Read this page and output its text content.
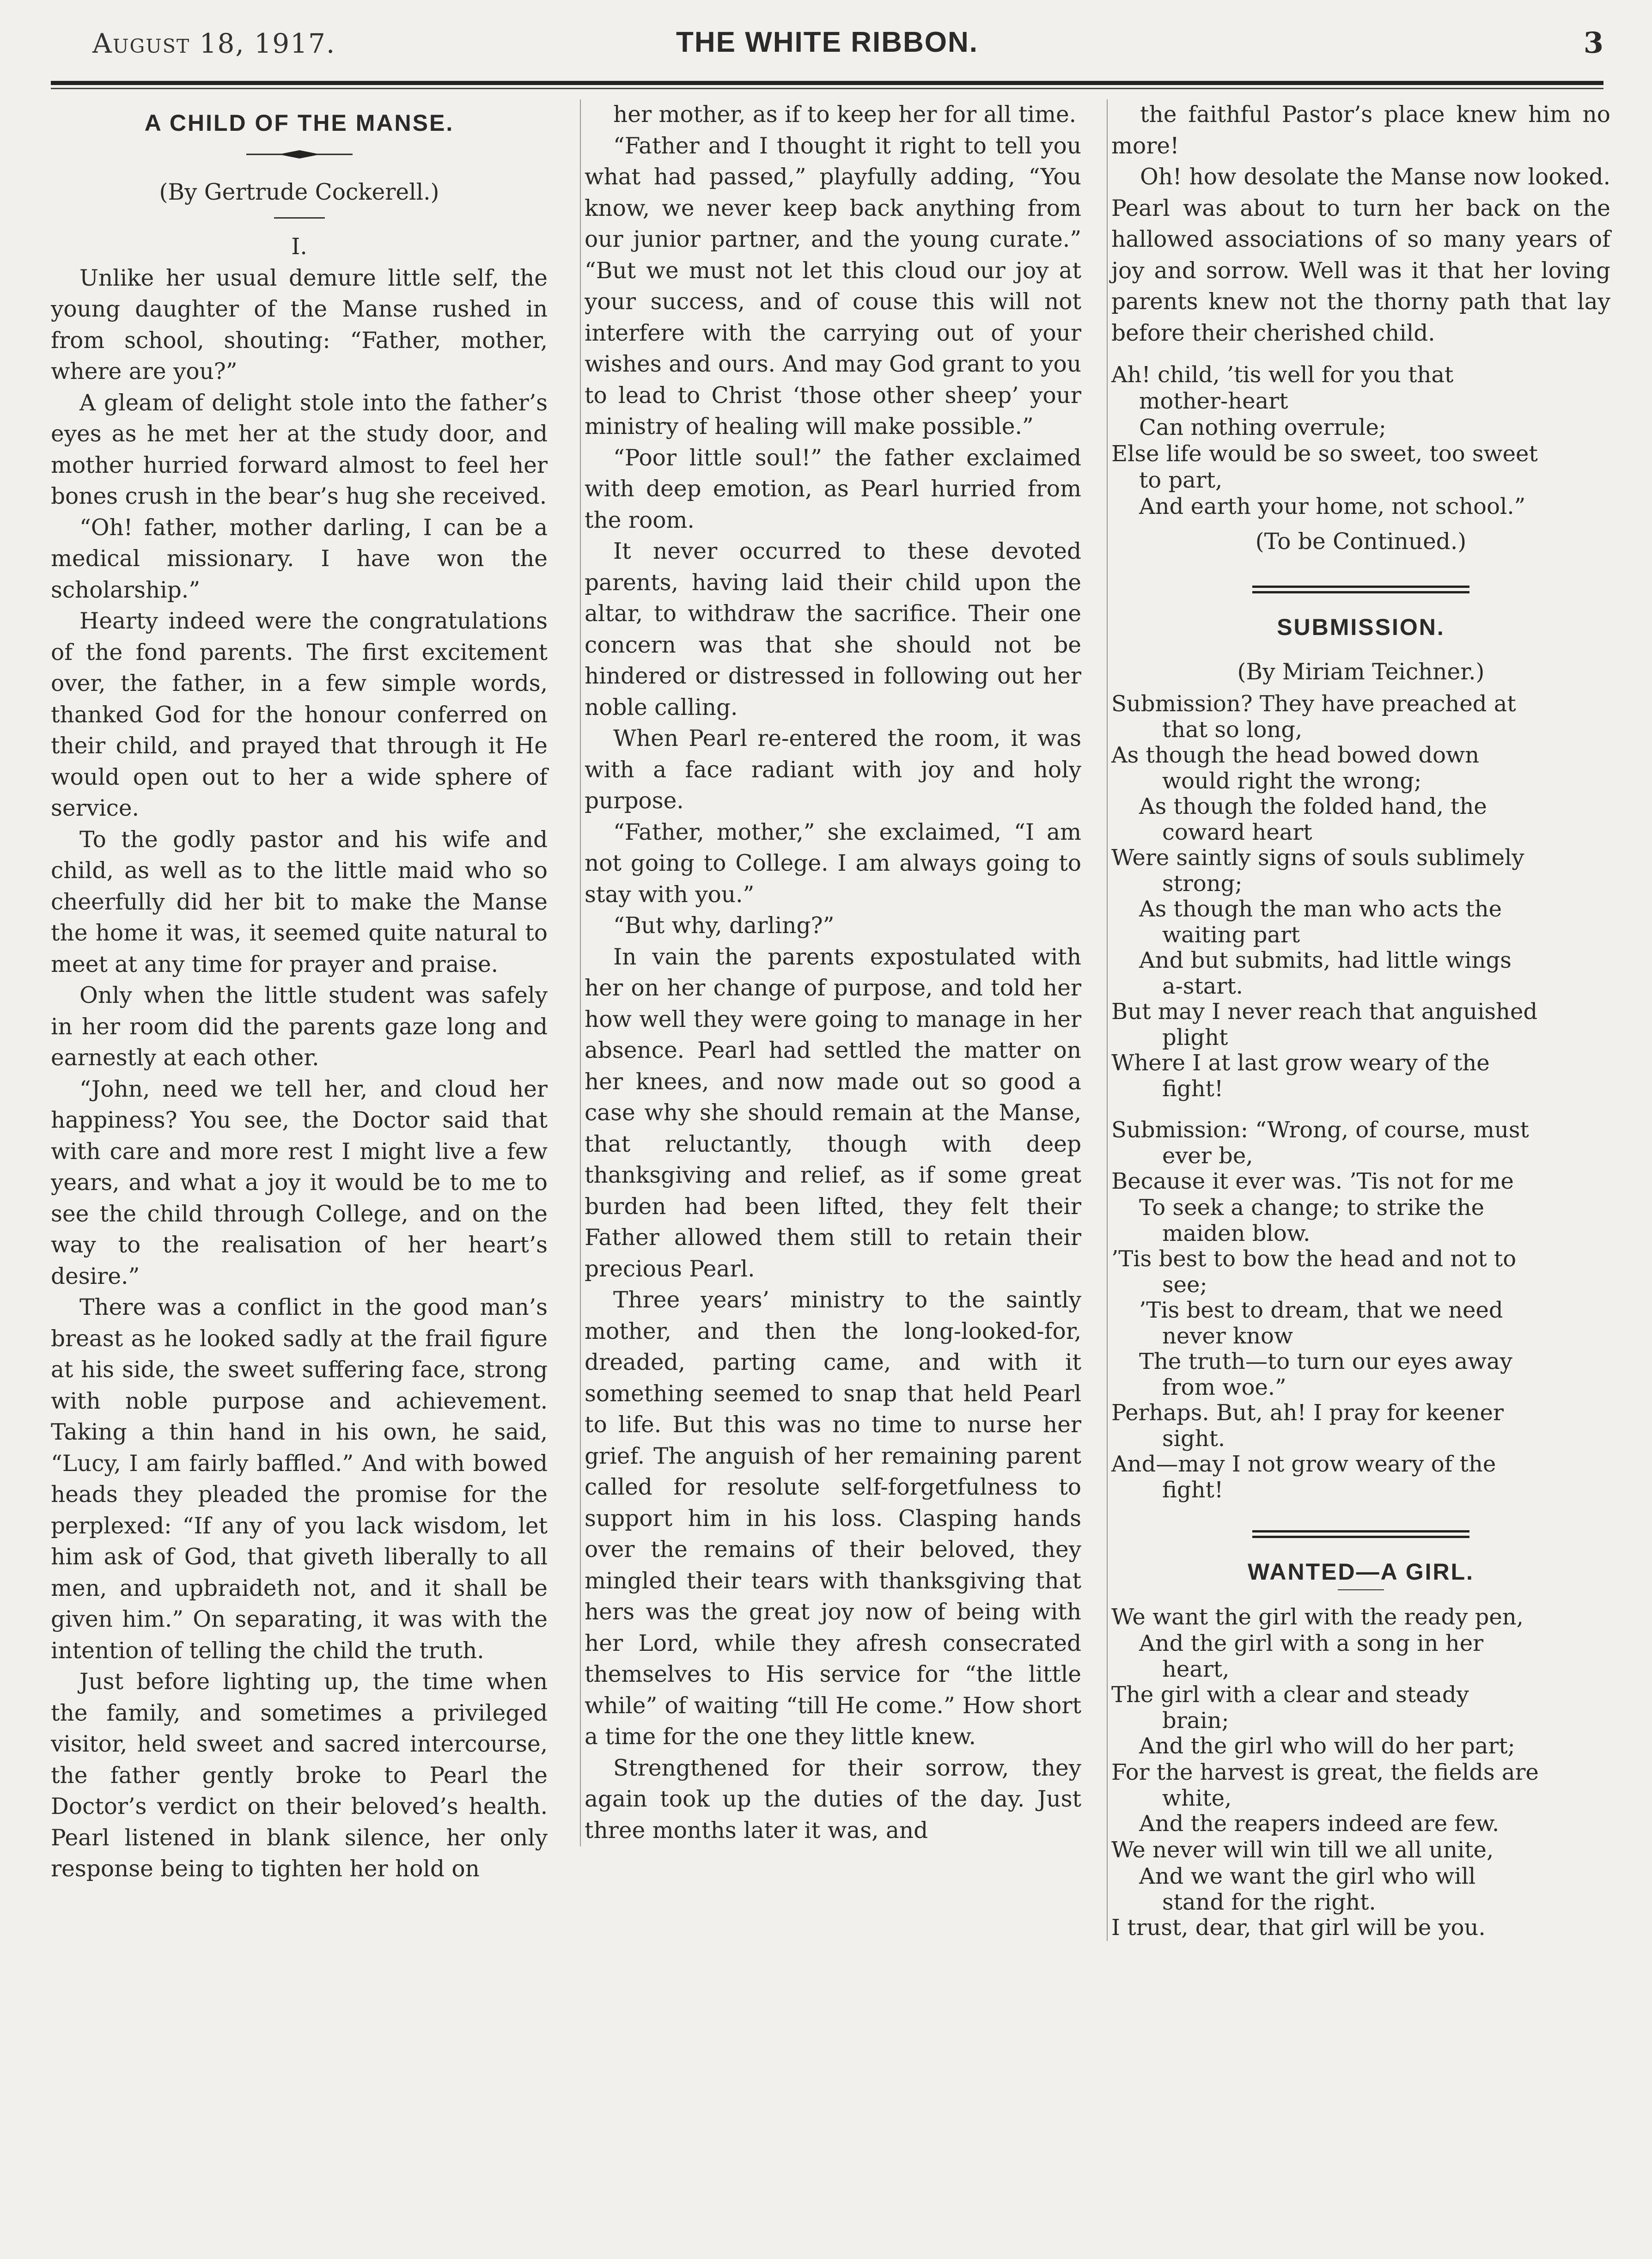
August 18, 1917.	THE WHITE RIBBON.	3
A CHILD OF THE MANSE.
(By Gertrude Cockerell.)
I.

Unlike her usual demure little self, the young daughter of the Manse rushed in from school, shouting: “Father, mother, where are you?”

A gleam of delight stole into the father’s eyes as he met her at the study door, and mother hurried forward almost to feel her bones crush in the bear’s hug she received.

“Oh! father, mother darling, I can be a medical missionary. I have won the scholarship.”

Hearty indeed were the congratulations of the fond parents. The first excitement over, the father, in a few simple words, thanked God for the honour conferred on their child, and prayed that through it He would open out to her a wide sphere of service.

To the godly pastor and his wife and child, as well as to the little maid who so cheerfully did her bit to make the Manse the home it was, it seemed quite natural to meet at any time for prayer and praise.

Only when the little student was safely in her room did the parents gaze long and earnestly at each other.

“John, need we tell her, and cloud her happiness? You see, the Doctor said that with care and more rest I might live a few years, and what a joy it would be to me to see the child through College, and on the way to the realisation of her heart’s desire.”

There was a conflict in the good man’s breast as he looked sadly at the frail figure at his side, the sweet suffering face, strong with noble purpose and achievement. Taking a thin hand in his own, he said, “Lucy, I am fairly baffled.” And with bowed heads they pleaded the promise for the perplexed: “If any of you lack wisdom, let him ask of God, that giveth liberally to all men, and upbraideth not, and it shall be given him.” On separating, it was with the intention of telling the child the truth.

Just before lighting up, the time when the family, and sometimes a privileged visitor, held sweet and sacred intercourse, the father gently broke to Pearl the Doctor’s verdict on their beloved’s health. Pearl listened in blank silence, her only response being to tighten her hold on

her mother, as if to keep her for all time.

“Father and I thought it right to tell you what had passed,” playfully adding, “You know, we never keep back anything from our junior partner, and the young curate.” “But we must not let this cloud our joy at your success, and of couse this will not interfere with the carrying out of your wishes and ours. And may God grant to you to lead to Christ ‘those other sheep’ your ministry of healing will make possible.”

“Poor little soul!” the father exclaimed with deep emotion, as Pearl hurried from the room.

It never occurred to these devoted parents, having laid their child upon the altar, to withdraw the sacrifice. Their one concern was that she should not be hindered or distressed in following out her noble calling.

When Pearl re-entered the room, it was with a face radiant with joy and holy purpose.

“Father, mother,” she exclaimed, “I am not going to College. I am always going to stay with you.”

“But why, darling?”

In vain the parents expostulated with her on her change of purpose, and told her how well they were going to manage in her absence. Pearl had settled the matter on her knees, and now made out so good a case why she should remain at the Manse, that reluctantly, though with deep thanksgiving and relief, as if some great burden had been lifted, they felt their Father allowed them still to retain their precious Pearl.

Three years’ ministry to the saintly mother, and then the long-looked-for, dreaded, parting came, and with it something seemed to snap that held Pearl to life. But this was no time to nurse her grief. The anguish of her remaining parent called for resolute self-forgetfulness to support him in his loss. Clasping hands over the remains of their beloved, they mingled their tears with thanksgiving that hers was the great joy now of being with her Lord, while they afresh consecrated themselves to His service for “the little while” of waiting “till He come.” How short a time for the one they little knew.

Strengthened for their sorrow, they again took up the duties of the day. Just three months later it was, and

the faithful Pastor’s place knew him no more!

Oh! how desolate the Manse now looked. Pearl was about to turn her back on the hallowed associations of so many years of joy and sorrow. Well was it that her loving parents knew not the thorny path that lay before their cherished child.

Ah! child, ’tis well for you that
mother-heart
Can nothing overrule;
Else life would be so sweet, too sweet
to part,
And earth your home, not school.”

(To be Continued.)

SUBMISSION.
(By Miriam Teichner.)
Submission? They have preached at
that so long,
As though the head bowed down
would right the wrong;
As though the folded hand, the
coward heart
Were saintly signs of souls sublimely
strong;
As though the man who acts the
waiting part
And but submits, had little wings
a-start.
But may I never reach that anguished
plight
Where I at last grow weary of the
fight!
Submission: “Wrong, of course, must
ever be,
Because it ever was. ’Tis not for me
To seek a change; to strike the
maiden blow.
’Tis best to bow the head and not to
see;
’Tis best to dream, that we need
never know
The truth—to turn our eyes away
from woe.”
Perhaps. But, ah! I pray for keener
sight.
And—may I not grow weary of the
fight!
WANTED—A GIRL.
We want the girl with the ready pen,
And the girl with a song in her
heart,
The girl with a clear and steady
brain;
And the girl who will do her part;
For the harvest is great, the fields are
white,
And the reapers indeed are few.
We never will win till we all unite,
And we want the girl who will
stand for the right.
I trust, dear, that girl will be you.
